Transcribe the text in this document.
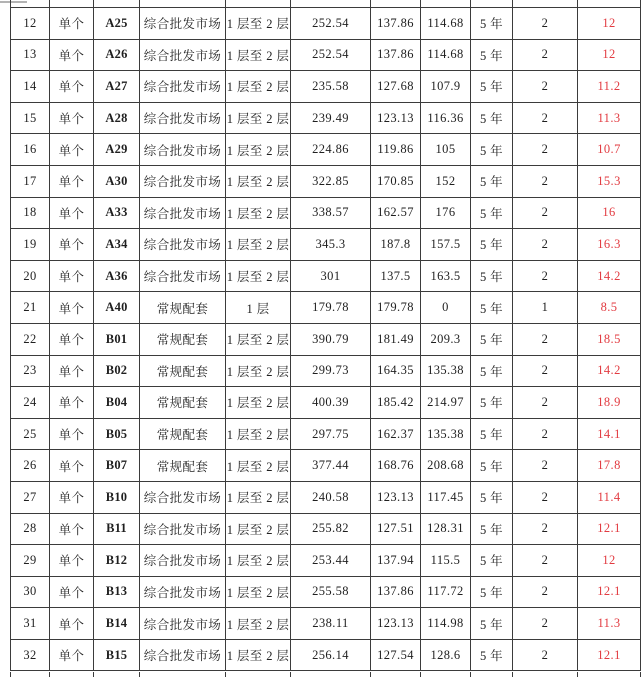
12	单个	A25	综合批发市场	1 层至 2 层	252.54	137.86	114.68	5 年	2	12
13	单个	A26	综合批发市场	1 层至 2 层	252.54	137.86	114.68	5 年	2	12
14	单个	A27	综合批发市场	1 层至 2 层	235.58	127.68	107.9	5 年	2	11.2
15	单个	A28	综合批发市场	1 层至 2 层	239.49	123.13	116.36	5 年	2	11.3
16	单个	A29	综合批发市场	1 层至 2 层	224.86	119.86	105	5 年	2	10.7
17	单个	A30	综合批发市场	1 层至 2 层	322.85	170.85	152	5 年	2	15.3
18	单个	A33	综合批发市场	1 层至 2 层	338.57	162.57	176	5 年	2	16
19	单个	A34	综合批发市场	1 层至 2 层	345.3	187.8	157.5	5 年	2	16.3
20	单个	A36	综合批发市场	1 层至 2 层	301	137.5	163.5	5 年	2	14.2
21	单个	A40	常规配套	1 层	179.78	179.78	0	5 年	1	8.5
22	单个	B01	常规配套	1 层至 2 层	390.79	181.49	209.3	5 年	2	18.5
23	单个	B02	常规配套	1 层至 2 层	299.73	164.35	135.38	5 年	2	14.2
24	单个	B04	常规配套	1 层至 2 层	400.39	185.42	214.97	5 年	2	18.9
25	单个	B05	常规配套	1 层至 2 层	297.75	162.37	135.38	5 年	2	14.1
26	单个	B07	常规配套	1 层至 2 层	377.44	168.76	208.68	5 年	2	17.8
27	单个	B10	综合批发市场	1 层至 2 层	240.58	123.13	117.45	5 年	2	11.4
28	单个	B11	综合批发市场	1 层至 2 层	255.82	127.51	128.31	5 年	2	12.1
29	单个	B12	综合批发市场	1 层至 2 层	253.44	137.94	115.5	5 年	2	12
30	单个	B13	综合批发市场	1 层至 2 层	255.58	137.86	117.72	5 年	2	12.1
31	单个	B14	综合批发市场	1 层至 2 层	238.11	123.13	114.98	5 年	2	11.3
32	单个	B15	综合批发市场	1 层至 2 层	256.14	127.54	128.6	5 年	2	12.1
